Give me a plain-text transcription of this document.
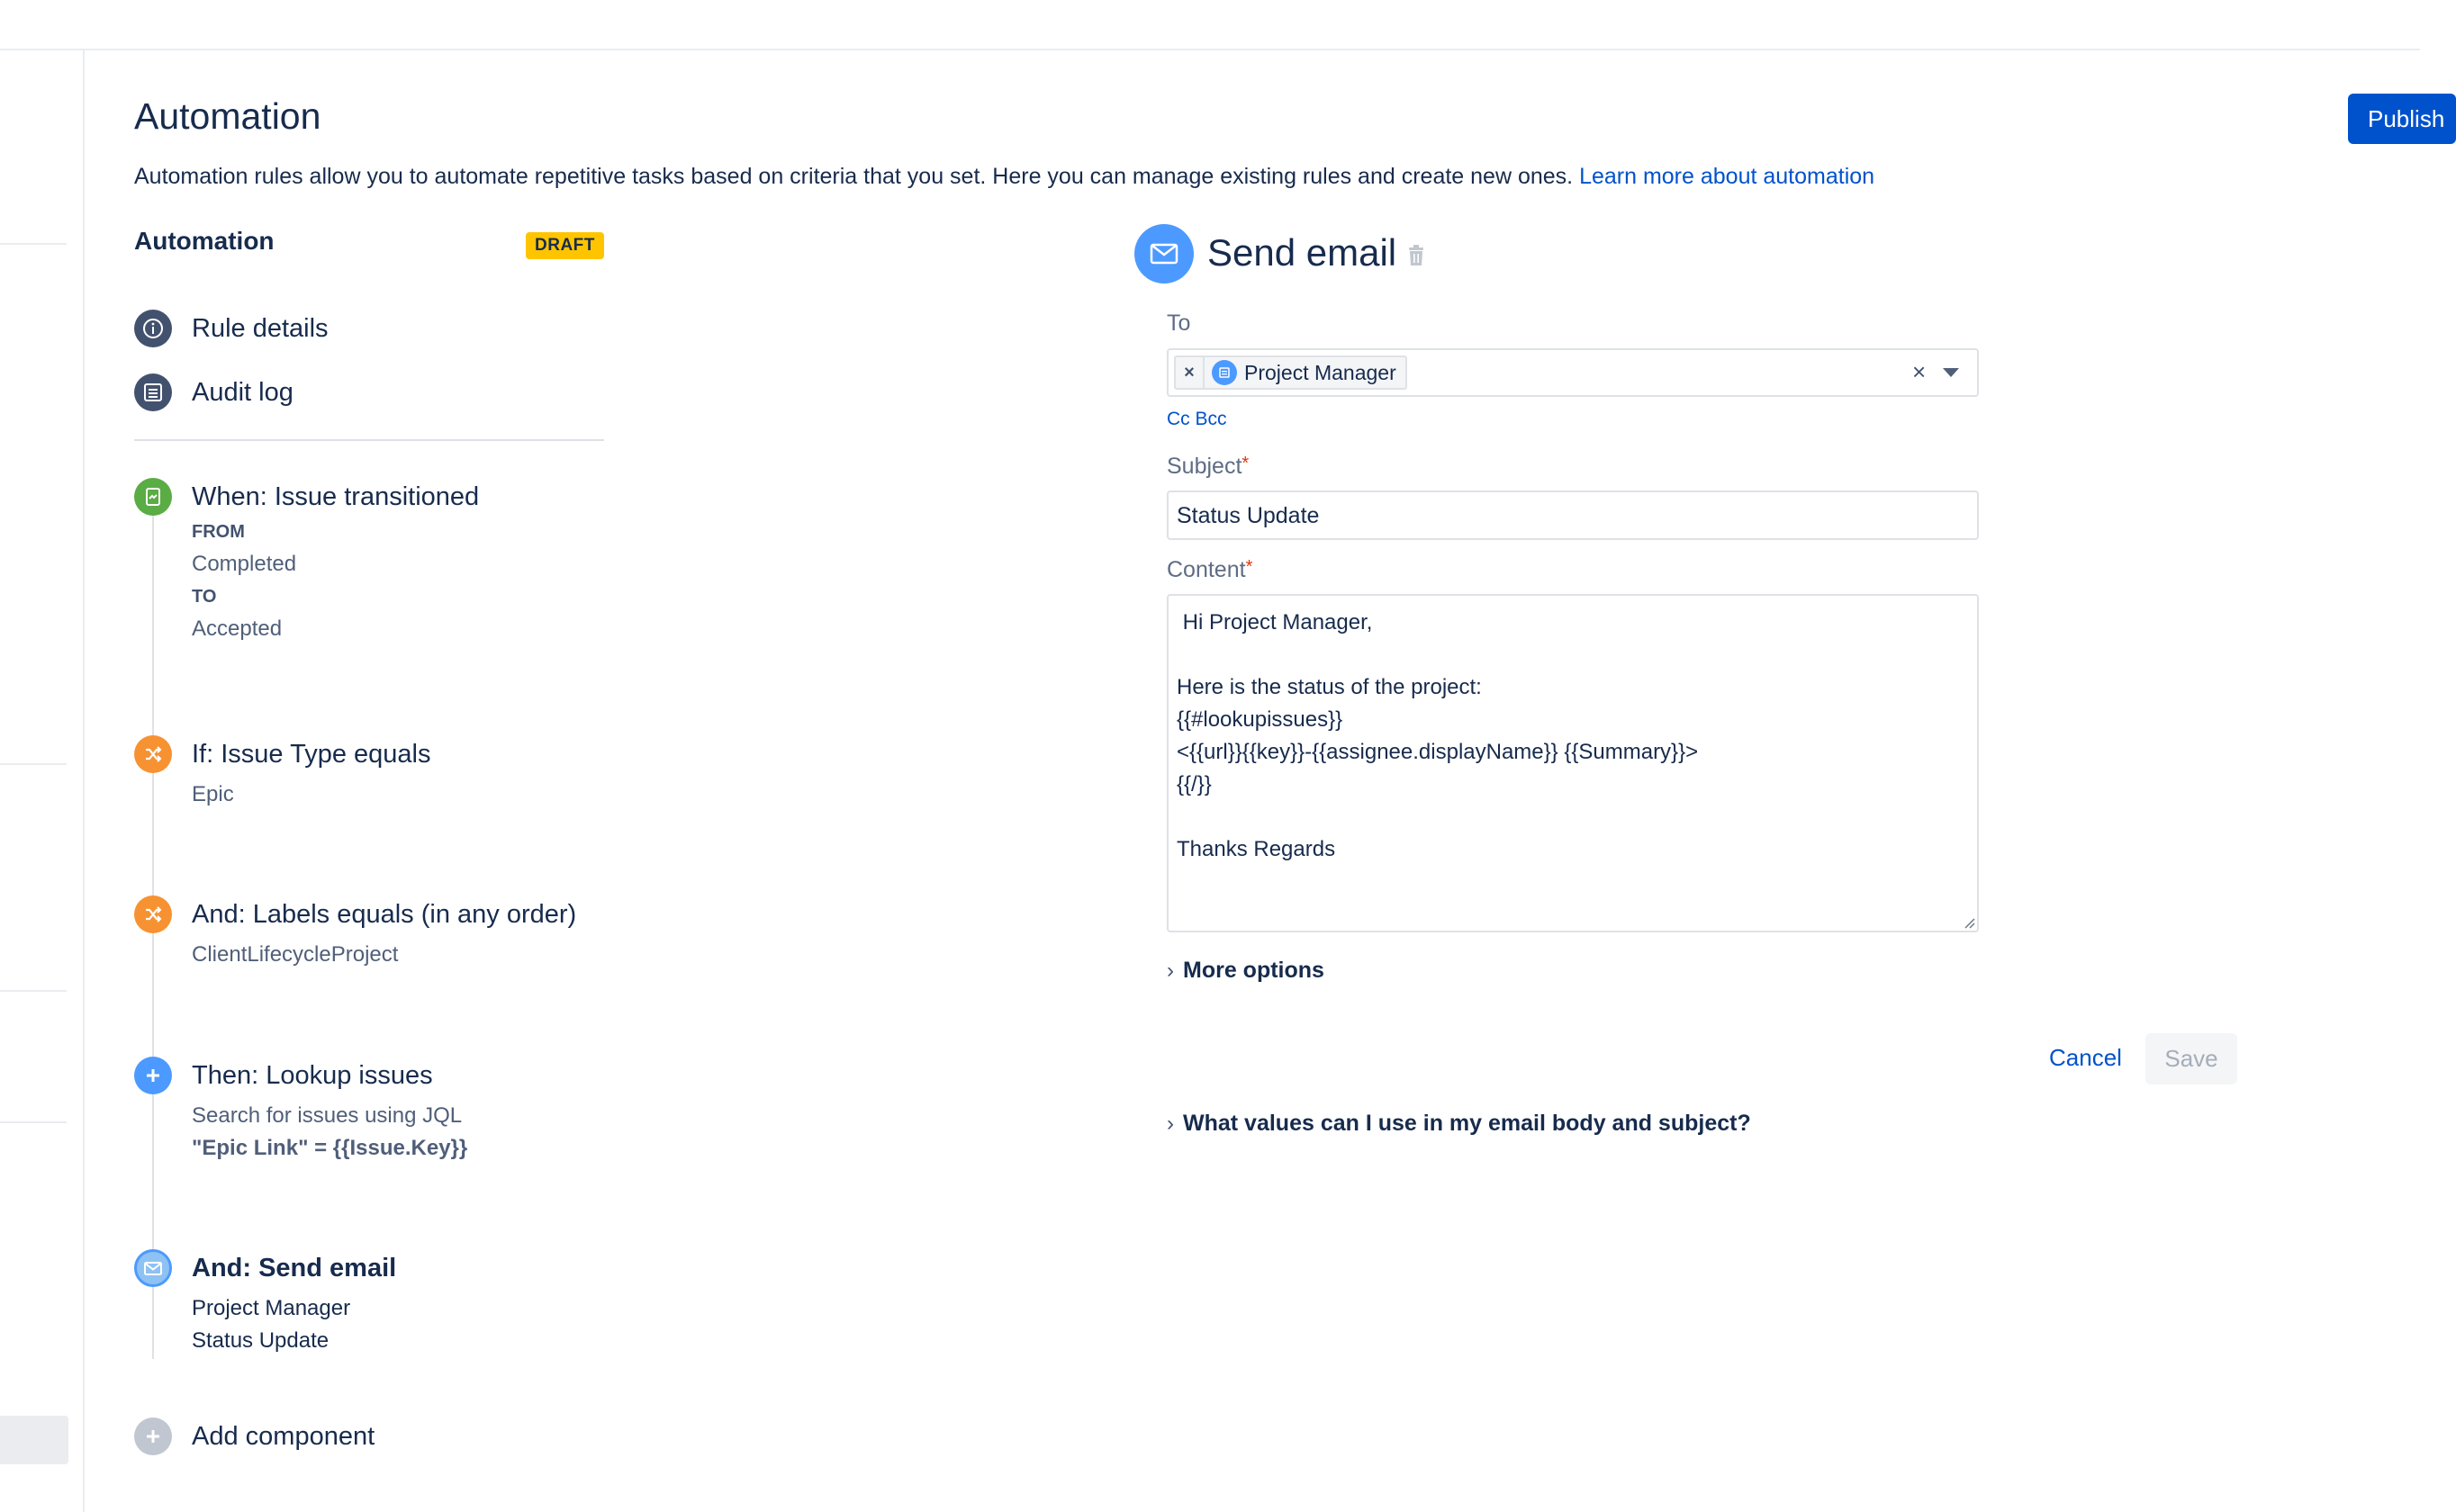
Automation	Publish
Automation rules allow you to automate repetitive tasks based on criteria that you set. Here you can manage existing rules and create new ones. Learn more about automation
Automation	DRAFT
Rule details
Audit log
When: Issue transitioned
FROM
Completed
TO
Accepted
If: Issue Type equals
Epic
And: Labels equals (in any order)
ClientLifecycleProject
Then: Lookup issues
Search for issues using JQL
"Epic Link" = {{Issue.Key}}
And: Send email
Project Manager
Status Update
Add component
Send email
To
×	Project Manager	×
Cc Bcc
Subject*
Status Update
Content*
Hi Project Manager,

Here is the status of the project:
{{#lookupissues}}
<{{url}}{{key}}-{{assignee.displayName}} {{Summary}}>
{{/}}

Thanks Regards
› More options
Cancel	Save
› What values can I use in my email body and subject?
